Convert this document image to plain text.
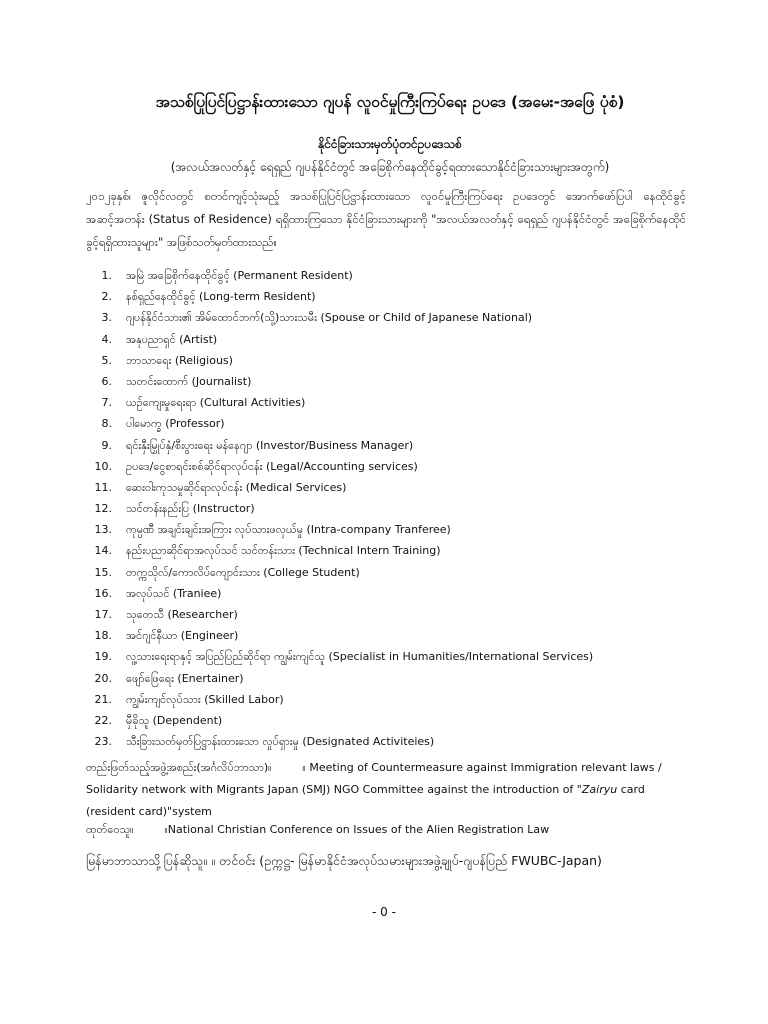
အသစ်ပြုပြင်ပြဋ္ဌာန်းထားသော ဂျပန် လူဝင်မှုကြီးကြပ်ရေး ဥပဒေ (အမေး-အဖြေ ပုံစံ)
နိုင်ငံခြားသားမှတ်ပုံတင်ဥပဒေသစ်
(အလယ်အလတ်နှင့် ရေရှည် ဂျပန်နိုင်ငံတွင် အခြေစိုက်နေထိုင်ခွင့်ရထားသောနိုင်ငံခြားသားများအတွက်)
၂၀၁၂ခုနှစ်၊ ဇူလိုင်လတွင် စတင်ကျင့်သုံးမည့် အသစ်ပြုပြင်ပြဋ္ဌာန်းထားသော လူဝင်မှုကြီးကြပ်ရေး ဥပဒေတွင် အောက်ဖော်ပြပါ နေထိုင်ခွင့်အဆင့်အတန်း (Status of Residence) ရရှိထားကြသော နိုင်ငံခြားသားများကို "အလယ်အလတ်နှင့် ရေရှည် ဂျပန်နိုင်ငံတွင် အခြေစိုက်နေထိုင်ခွင့်ရရှိထားသူများ" အဖြစ်သတ်မှတ်ထားသည်။
1.	အမြဲ အခြေစိုက်နေထိုင်ခွင့် (Permanent Resident)
2.	နစ်ရှည်နေထိုင်ခွင့် (Long-term Resident)
3.	ဂျပန်နိုင်ငံသား၏ အိမ်ထောင်ဘက်(သို့)သားသမီး (Spouse or Child of Japanese National)
4.	အနုပညာရှင် (Artist)
5.	ဘာသာရေး (Religious)
6.	သတင်းထောက် (Journalist)
7.	ယဉ်ကျေးမှုရေးရာ (Cultural Activities)
8.	ပါမောက္ခ (Professor)
9.	ရင်းနှီးမြှုပ်နှံ/စီးပွားရေး မန်နေဂျာ (Investor/Business Manager)
10.	ဥပဒေ/ငွေစာရင်းစစ်ဆိုင်ရာလုပ်ငန်း (Legal/Accounting services)
11.	ဆေးဝါးကုသမှုဆိုင်ရာလုပ်ငန်း (Medical Services)
12.	သင်တန်းနည်းပြ (Instructor)
13.	ကုမ္ပဏီ အချင်းချင်းအကြား လုပ်သားဖလှယ်မှု (Intra-company Tranferee)
14.	နည်းပညာဆိုင်ရာအလုပ်သင် သင်တန်းသား (Technical Intern Training)
15.	တက္ကသိုလ်/ကောလိပ်ကျောင်းသား (College Student)
16.	အလုပ်သင် (Traniee)
17.	သုတေသီ (Researcher)
18.	အင်ဂျင်နီယာ (Engineer)
19.	လူ့သားရေးရာနှင့် အပြည်ပြည်ဆိုင်ရာ ကျွမ်းကျင်သူ (Specialist in Humanities/International Services)
20.	ဖျော်ဖြေရေး (Enertainer)
21.	ကျွမ်းကျင်လုပ်သား (Skilled Labor)
22.	မှီခိုသူ (Dependent)
23.	သီးခြားသတ်မှတ်ပြဋ္ဌာန်းထားသော လှုပ်ရှားမှု (Designated Activiteies)
တည်းဖြတ်သည့်အဖွဲ့အစည်း(အင်္ဂလိပ်ဘာသာ)။	။ Meeting of Countermeasure against Immigration relevant laws / Solidarity network with Migrants Japan (SMJ) NGO Committee against the introduction of "Zairyu card (resident card)"system
ထုတ်ဝေသူ။	။National Christian Conference on Issues of the Alien Registration Law
မြန်မာဘာသာသို့ပြန်ဆိုသူ။ ။ တင်ဝင်း (ဥက္ကဋ္ဌ- မြန်မာနိုင်ငံအလုပ်သမားများအဖွဲ့ချုပ်-ဂျပန်ပြည် FWUBC-Japan)
- 0 -
